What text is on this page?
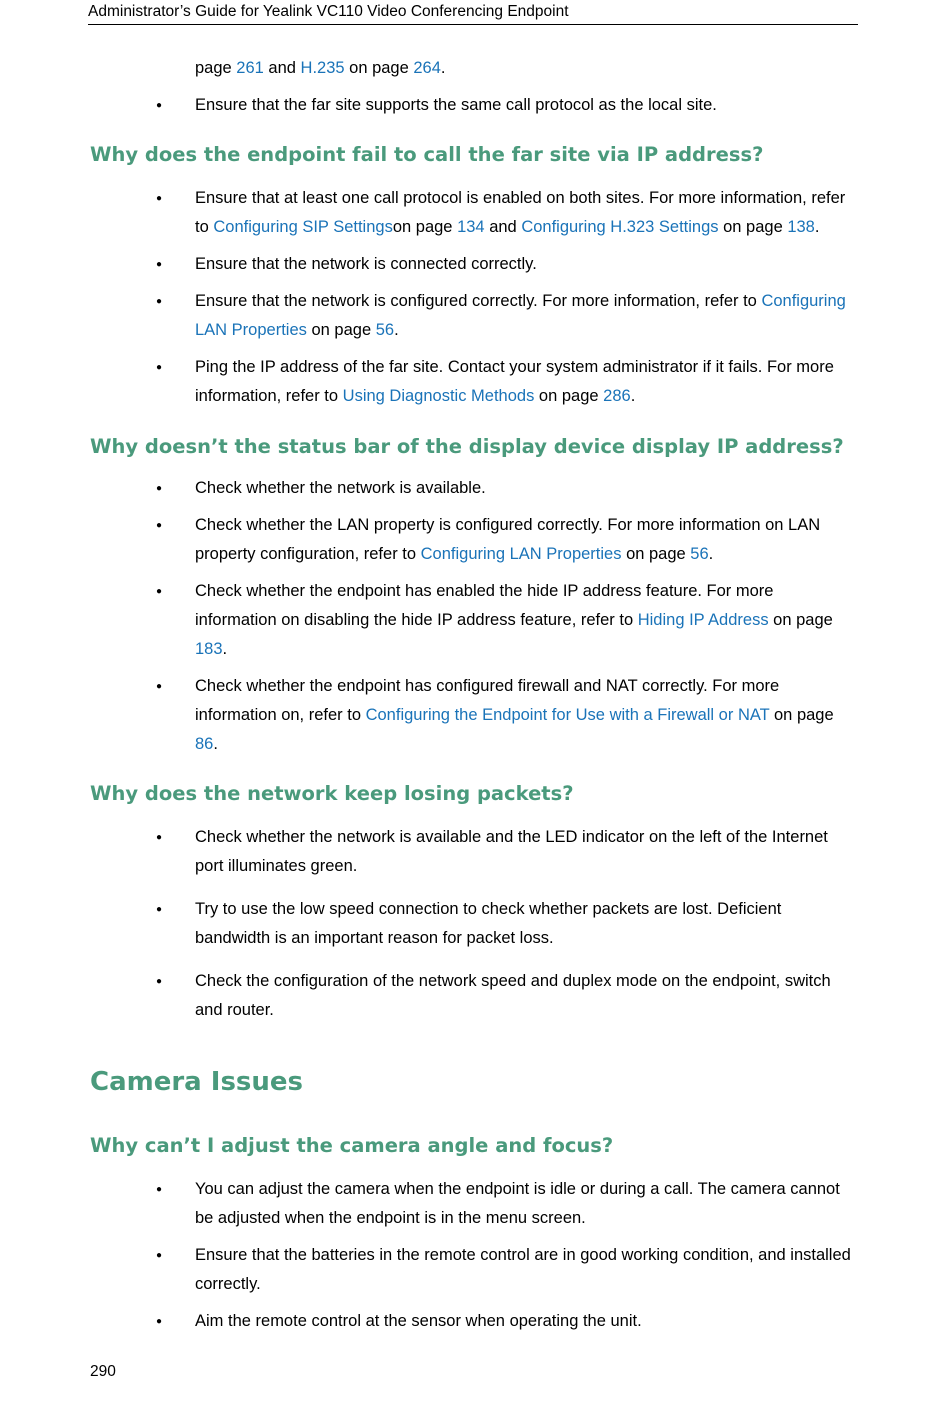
Administrator’s Guide for Yealink VC110 Video Conferencing Endpoint

page 261 and H.235 on page 264.

● Ensure that the far site supports the same call protocol as the local site.
Why does the endpoint fail to call the far site via IP address?
● Ensure that at least one call protocol is enabled on both sites. For more information, refer to Configuring SIP Settingson page 134 and Configuring H.323 Settings on page 138.
● Ensure that the network is connected correctly.
● Ensure that the network is configured correctly. For more information, refer to Configuring LAN Properties on page 56.
● Ping the IP address of the far site. Contact your system administrator if it fails. For more information, refer to Using Diagnostic Methods on page 286.
Why doesn’t the status bar of the display device display IP address?
● Check whether the network is available.
● Check whether the LAN property is configured correctly. For more information on LAN property configuration, refer to Configuring LAN Properties on page 56.
● Check whether the endpoint has enabled the hide IP address feature. For more information on disabling the hide IP address feature, refer to Hiding IP Address on page 183.
● Check whether the endpoint has configured firewall and NAT correctly. For more information on, refer to Configuring the Endpoint for Use with a Firewall or NAT on page 86.
Why does the network keep losing packets?
● Check whether the network is available and the LED indicator on the left of the Internet port illuminates green.
● Try to use the low speed connection to check whether packets are lost. Deficient bandwidth is an important reason for packet loss.
● Check the configuration of the network speed and duplex mode on the endpoint, switch and router.
Camera Issues
Why can’t I adjust the camera angle and focus?
● You can adjust the camera when the endpoint is idle or during a call. The camera cannot be adjusted when the endpoint is in the menu screen.
● Ensure that the batteries in the remote control are in good working condition, and installed correctly.
● Aim the remote control at the sensor when operating the unit.
290
